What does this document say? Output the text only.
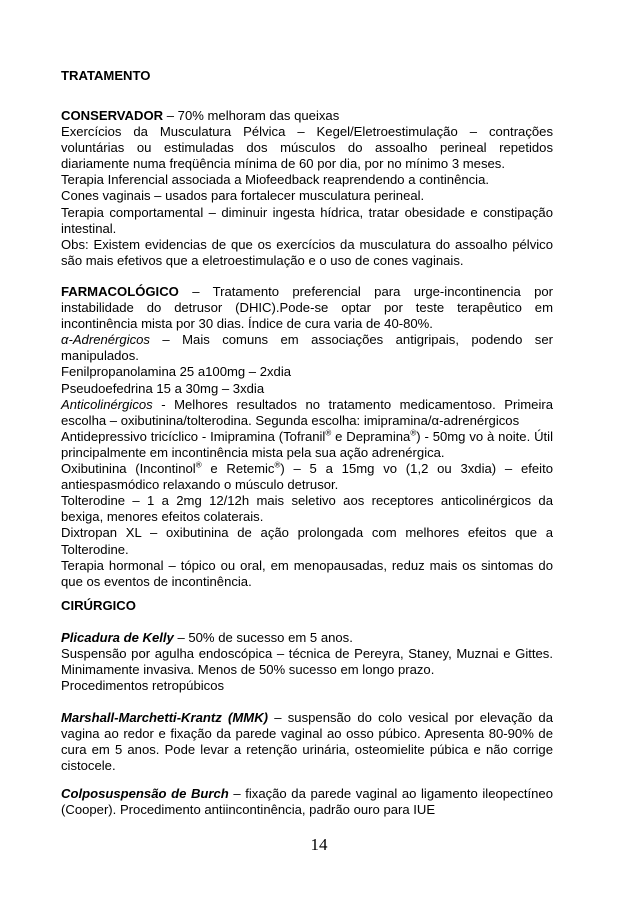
TRATAMENTO

CONSERVADOR – 70% melhoram das queixas

Exercícios da Musculatura Pélvica – Kegel/Eletroestimulação – contrações voluntárias ou estimuladas dos músculos do assoalho perineal repetidos diariamente numa freqüência mínima de 60 por dia, por no mínimo 3 meses.

Terapia Inferencial associada a Miofeedback reaprendendo a continência.

Cones vaginais – usados para fortalecer musculatura perineal.

Terapia comportamental – diminuir ingesta hídrica, tratar obesidade e constipação intestinal.

Obs: Existem evidencias de que os exercícios da musculatura do assoalho pélvico são mais efetivos que a eletroestimulação e o uso de cones vaginais.

FARMACOLÓGICO – Tratamento preferencial para urge-incontinencia por instabilidade do detrusor (DHIC).Pode-se optar por teste terapêutico em incontinência mista por 30 dias. Índice de cura varia de 40-80%.

α-Adrenérgicos – Mais comuns em associações antigripais, podendo ser manipulados.

Fenilpropanolamina 25 a100mg – 2xdia

Pseudoefedrina 15 a 30mg – 3xdia

Anticolinérgicos - Melhores resultados no tratamento medicamentoso. Primeira escolha – oxibutinina/tolterodina. Segunda escolha: imipramina/α-adrenérgicos

Antidepressivo tricíclico - Imipramina (Tofranil® e Depramina®) - 50mg vo à noite. Útil principalmente em incontinência mista pela sua ação adrenérgica.

Oxibutinina (Incontinol® e Retemic®) – 5 a 15mg vo (1,2 ou 3xdia) – efeito antiespasmódico relaxando o músculo detrusor.

Tolterodine – 1 a 2mg 12/12h mais seletivo aos receptores anticolinérgicos da bexiga, menores efeitos colaterais.

Dixtropan XL – oxibutinina de ação prolongada com melhores efeitos que a Tolterodine.

Terapia hormonal – tópico ou oral, em menopausadas, reduz mais os sintomas do que os eventos de incontinência.

CIRÚRGICO

Plicadura de Kelly – 50% de sucesso em 5 anos.

Suspensão por agulha endoscópica – técnica de Pereyra, Staney, Muznai e Gittes. Minimamente invasiva. Menos de 50% sucesso em longo prazo.

Procedimentos retropúbicos

Marshall-Marchetti-Krantz (MMK) – suspensão do colo vesical por elevação da vagina ao redor e fixação da parede vaginal ao osso púbico. Apresenta 80-90% de cura em 5 anos. Pode levar a retenção urinária, osteomielite púbica e não corrige cistocele.

Colposuspensão de Burch – fixação da parede vaginal ao ligamento ileopectíneo (Cooper). Procedimento antiincontinência, padrão ouro para IUE

14
